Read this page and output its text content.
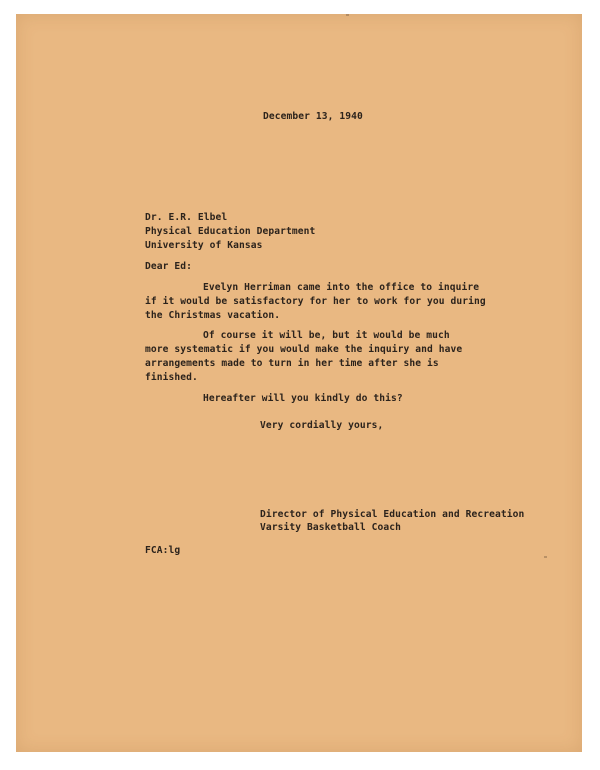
December 13, 1940
Dr. E.R. Elbel
Physical Education Department
University of Kansas
Dear Ed:
Evelyn Herriman came into the office to inquire
if it would be satisfactory for her to work for you during
the Christmas vacation.
Of course it will be, but it would be much
more systematic if you would make the inquiry and have
arrangements made to turn in her time after she is
finished.
Hereafter will you kindly do this?
Very cordially yours,
Director of Physical Education and Recreation
Varsity Basketball Coach
FCA:lg
